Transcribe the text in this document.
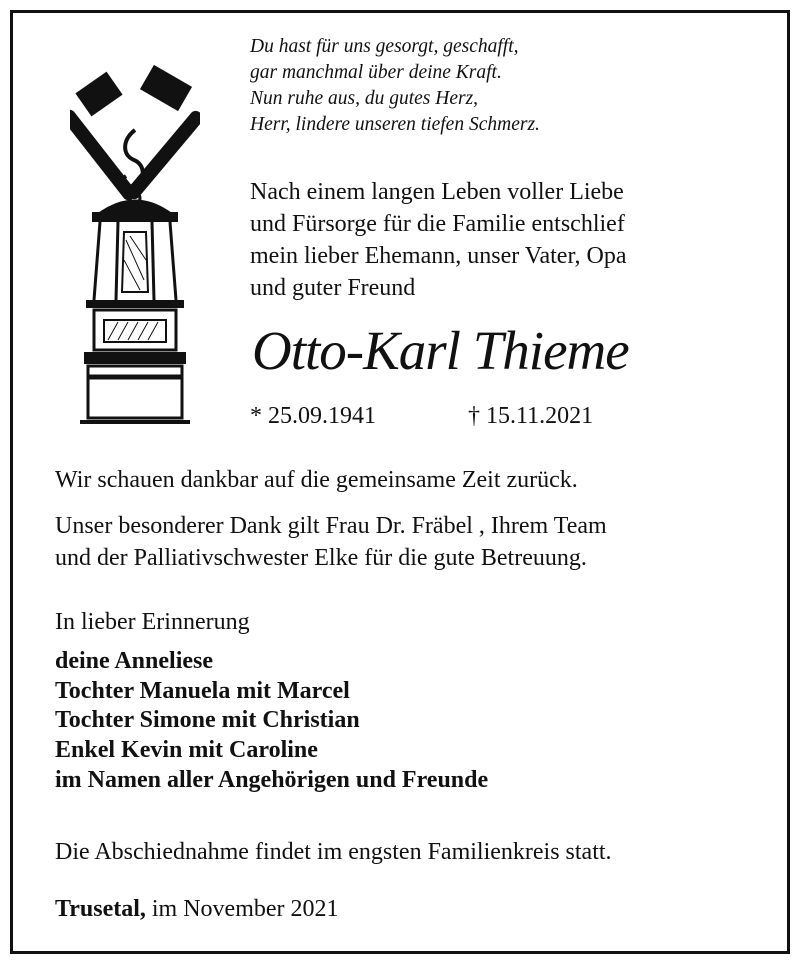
Du hast für uns gesorgt, geschafft,
gar manchmal über deine Kraft.
Nun ruhe aus, du gutes Herz,
Herr, lindere unseren tiefen Schmerz.
Nach einem langen Leben voller Liebe
und Fürsorge für die Familie entschlief
mein lieber Ehemann, unser Vater, Opa
und guter Freund
Otto-Karl Thieme
* 25.09.1941	† 15.11.2021
Wir schauen dankbar auf die gemeinsame Zeit zurück.
Unser besonderer Dank gilt Frau Dr. Fräbel , Ihrem Team
und der Palliativschwester Elke für die gute Betreuung.
In lieber Erinnerung
deine Anneliese
Tochter Manuela mit Marcel
Tochter Simone mit Christian
Enkel Kevin mit Caroline
im Namen aller Angehörigen und Freunde
Die Abschiednahme findet im engsten Familienkreis statt.
Trusetal, im November 2021
